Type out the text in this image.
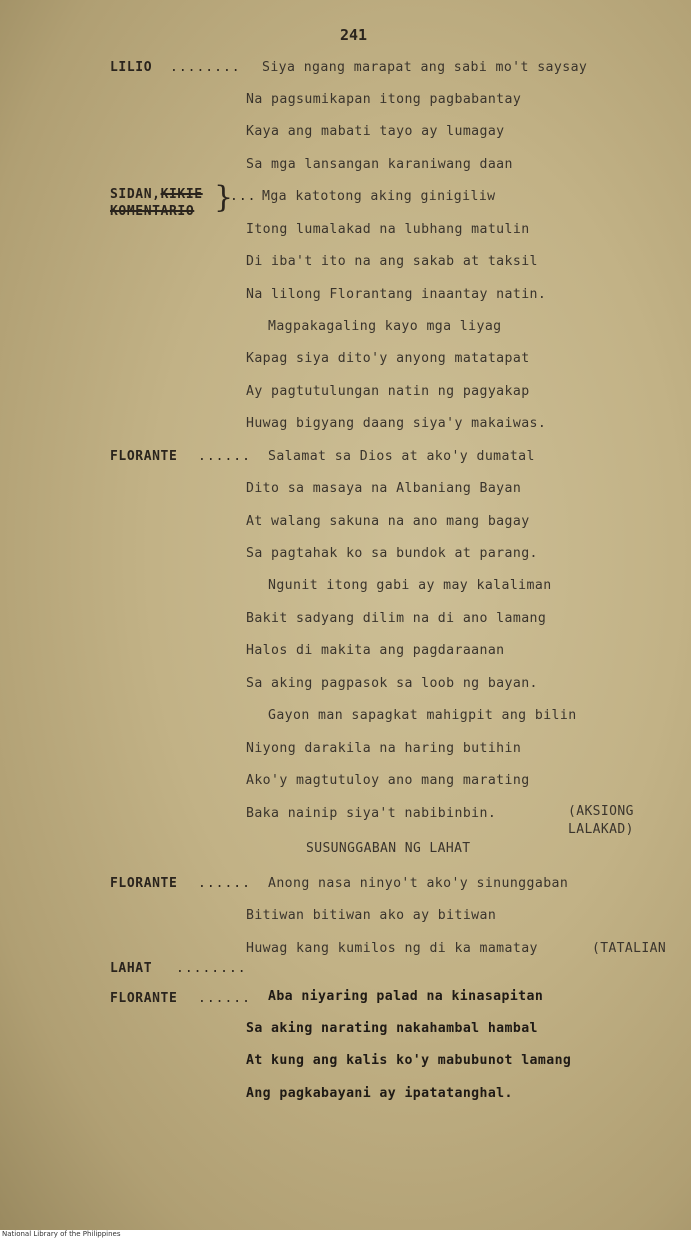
241
LILIO ........ Siya ngang marapat ang sabi mo't saysay
Na pagsumikapan itong pagbabantay
Kaya ang mabati tayo ay lumagay
Sa mga lansangan karaniwang daan
SIDAN,KIKIE
KOMENTARIO }
... Mga katotong aking ginigiliw
Itong lumalakad na lubhang matulin
Di iba't ito na ang sakab at taksil
Na lilong Florantang inaantay natin.
Magpakagaling kayo mga liyag
Kapag siya dito'y anyong matatapat
Ay pagtutulungan natin ng pagyakap
Huwag bigyang daang siya'y makaiwas.
FLORANTE ...... Salamat sa Dios at ako'y dumatal
Dito sa masaya na Albaniang Bayan
At walang sakuna na ano mang bagay
Sa pagtahak ko sa bundok at parang.
Ngunit itong gabi ay may kalaliman
Bakit sadyang dilim na di ano lamang
Halos di makita ang pagdaraanan
Sa aking pagpasok sa loob ng bayan.
Gayon man sapagkat mahigpit ang bilin
Niyong darakila na haring butihin
Ako'y magtutuloy ano mang marating
Baka nainip siya't nabibinbin.	(AKSIONG
LALAKAD)
SUSUNGGABAN NG LAHAT
FLORANTE ...... Anong nasa ninyo't ako'y sinunggaban
Bitiwan bitiwan ako ay bitiwan
Huwag kang kumilos ng di ka mamatay	(TATALIAN
LAHAT ........
FLORANTE ...... Aba niyaring palad na kinasapitan
Sa aking narating nakahambal hambal
At kung ang kalis ko'y mabubunot lamang
Ang pagkabayani ay ipatatanghal.
National Library of the Philippines
